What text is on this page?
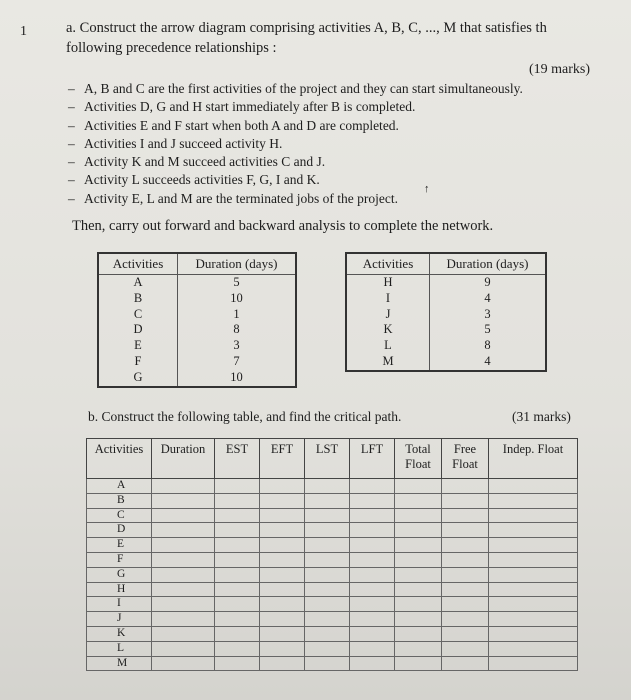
1	a. Construct the arrow diagram comprising activities A, B, C, ..., M that satisfies th
following precedence relationships :
(19 marks)
– A, B and C are the first activities of the project and they can start simultaneously.
– Activities D, G and H start immediately after B is completed.
– Activities E and F start when both A and D are completed.
– Activities I and J succeed activity H.
– Activity K and M succeed activities C and J.
– Activity L succeeds activities F, G, I and K.
– Activity E, L and M are the terminated jobs of the project.
↑
Then, carry out forward and backward analysis to complete the network.
Activities	Duration (days)
A	5
B	10
C	1
D	8
E	3
F	7
G	10
Activities	Duration (days)
H	9
I	4
J	3
K	5
L	8
M	4
b. Construct the following table, and find the critical path.	(31 marks)
Activities	Duration	EST	EFT	LST	LFT	Total Float	Free Float	Indep. Float
A								
B								
C								
D								
E								
F								
G								
H								
I								
J								
K								
L								
M								
